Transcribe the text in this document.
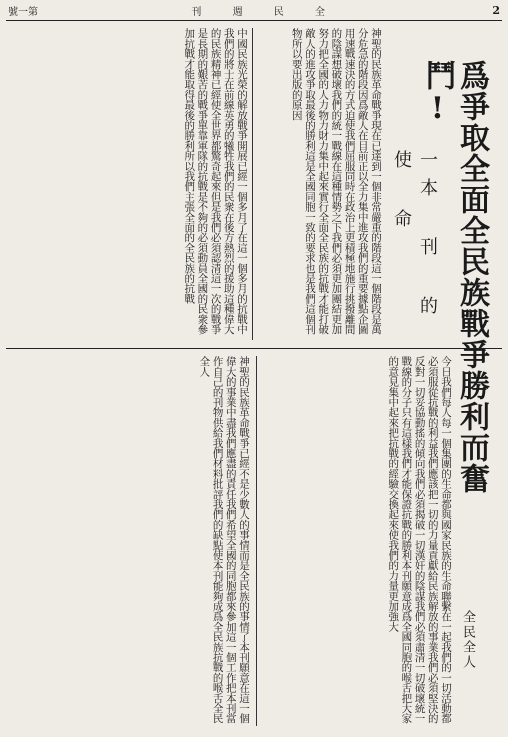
號一第	刊 週 民 全	2
爲爭取全面全民族戰爭勝利而奮鬥!
一本 刊 的 使 命
神聖的民族革命戰爭現在已達到一個非常嚴重的階段這一個階段是萬分危急的階段因爲敵人在目前正以全力集中進攻我們的重要據點企圖用速戰速決的方式迫使我們屈服同時在政治上更積極地施行挑撥離間的陰謀想破壞我們的統一戰線在這種情勢之下我們必須更加團結更加努力把全國的人力物力財力集中起來實行全面全民族的抗戰才能打破敵人的進攻爭取最後的勝利這是全國同胞一致的要求也是我們這個刊物所以要出版的原因
中國民族光榮的解放戰爭開展已經一個多月了在這一個多月的抗戰中我們的將士在前線英勇的犧牲我們的民衆在後方熱烈的援助這種偉大的民族精神已經使全世界都驚奇起來但是我們必須認清這一次的戰爭是長期的艱苦的戰爭單靠軍隊的抗戰是不夠的必須動員全國的民衆參加抗戰才能取得最後的勝利所以我們主張全面的全民族的抗戰
全民全人
今日我們每人每一個集團的生命都與國家民族的生命聯繫在一起我們的一切活動都必須服從抗戰的利益我們應該把一切的力量貢獻給民族解放的事業我們必須堅決的反對一切妥協動搖的傾向我們必須揭破一切漢奸的陰謀我們必須肅清一切破壞統一戰線的分子只有這樣我們才能保證抗戰的勝利本刊願意成爲全國同胞的喉舌把大家的意見集中起來把抗戰的經驗交換起來使我們的力量更加強大
神聖的民族革命戰爭已經不是少數人的事情而是全民族的事情了本刊願意在這一個偉大的事業中盡我們應盡的責任我們希望全國的同胞都來參加這一個工作把本刊當作自己的刊物供給我們材料批評我們的缺點使本刊能夠成爲全民族抗戰的喉舌全民全人
